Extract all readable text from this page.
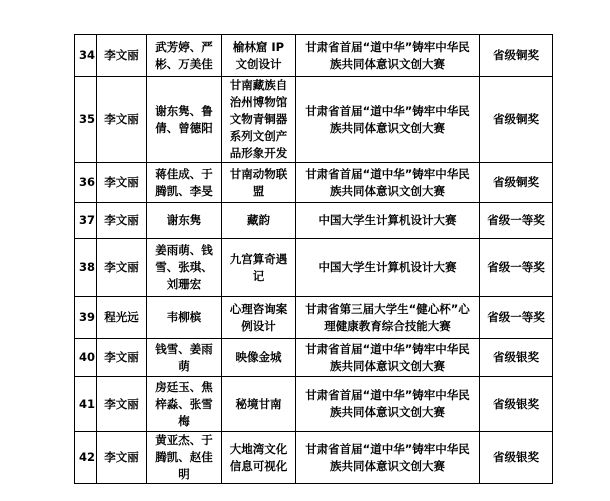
34	李文丽	武芳婷、严彬、万美佳	榆林窟 IP 文创设计	甘肃省首届“道中华”铸牢中华民族共同体意识文创大赛	省级铜奖
35	李文丽	谢东隽、鲁倩、曾德阳	甘南藏族自治州博物馆文物青铜器系列文创产品形象开发	甘肃省首届“道中华”铸牢中华民族共同体意识文创大赛	省级铜奖
36	李文丽	蒋佳成、于腾凯、李旻	甘南动物联盟	甘肃省首届“道中华”铸牢中华民族共同体意识文创大赛	省级铜奖
37	李文丽	谢东隽	藏韵	中国大学生计算机设计大赛	省级一等奖
38	李文丽	姜雨萌、钱雪、张琪、刘珊宏	九宫算奇遇记	中国大学生计算机设计大赛	省级一等奖
39	程光远	韦柳槟	心理咨询案例设计	甘肃省第三届大学生“健心杯”心理健康教育综合技能大赛	省级一等奖
40	李文丽	钱雪、姜雨萌	映像金城	甘肃省首届“道中华”铸牢中华民族共同体意识文创大赛	省级银奖
41	李文丽	房廷玉、焦梓淼、张雪梅	秘境甘南	甘肃省首届“道中华”铸牢中华民族共同体意识文创大赛	省级银奖
42	李文丽	黄亚杰、于腾凯、赵佳明	大地湾文化信息可视化	甘肃省首届“道中华”铸牢中华民族共同体意识文创大赛	省级银奖
